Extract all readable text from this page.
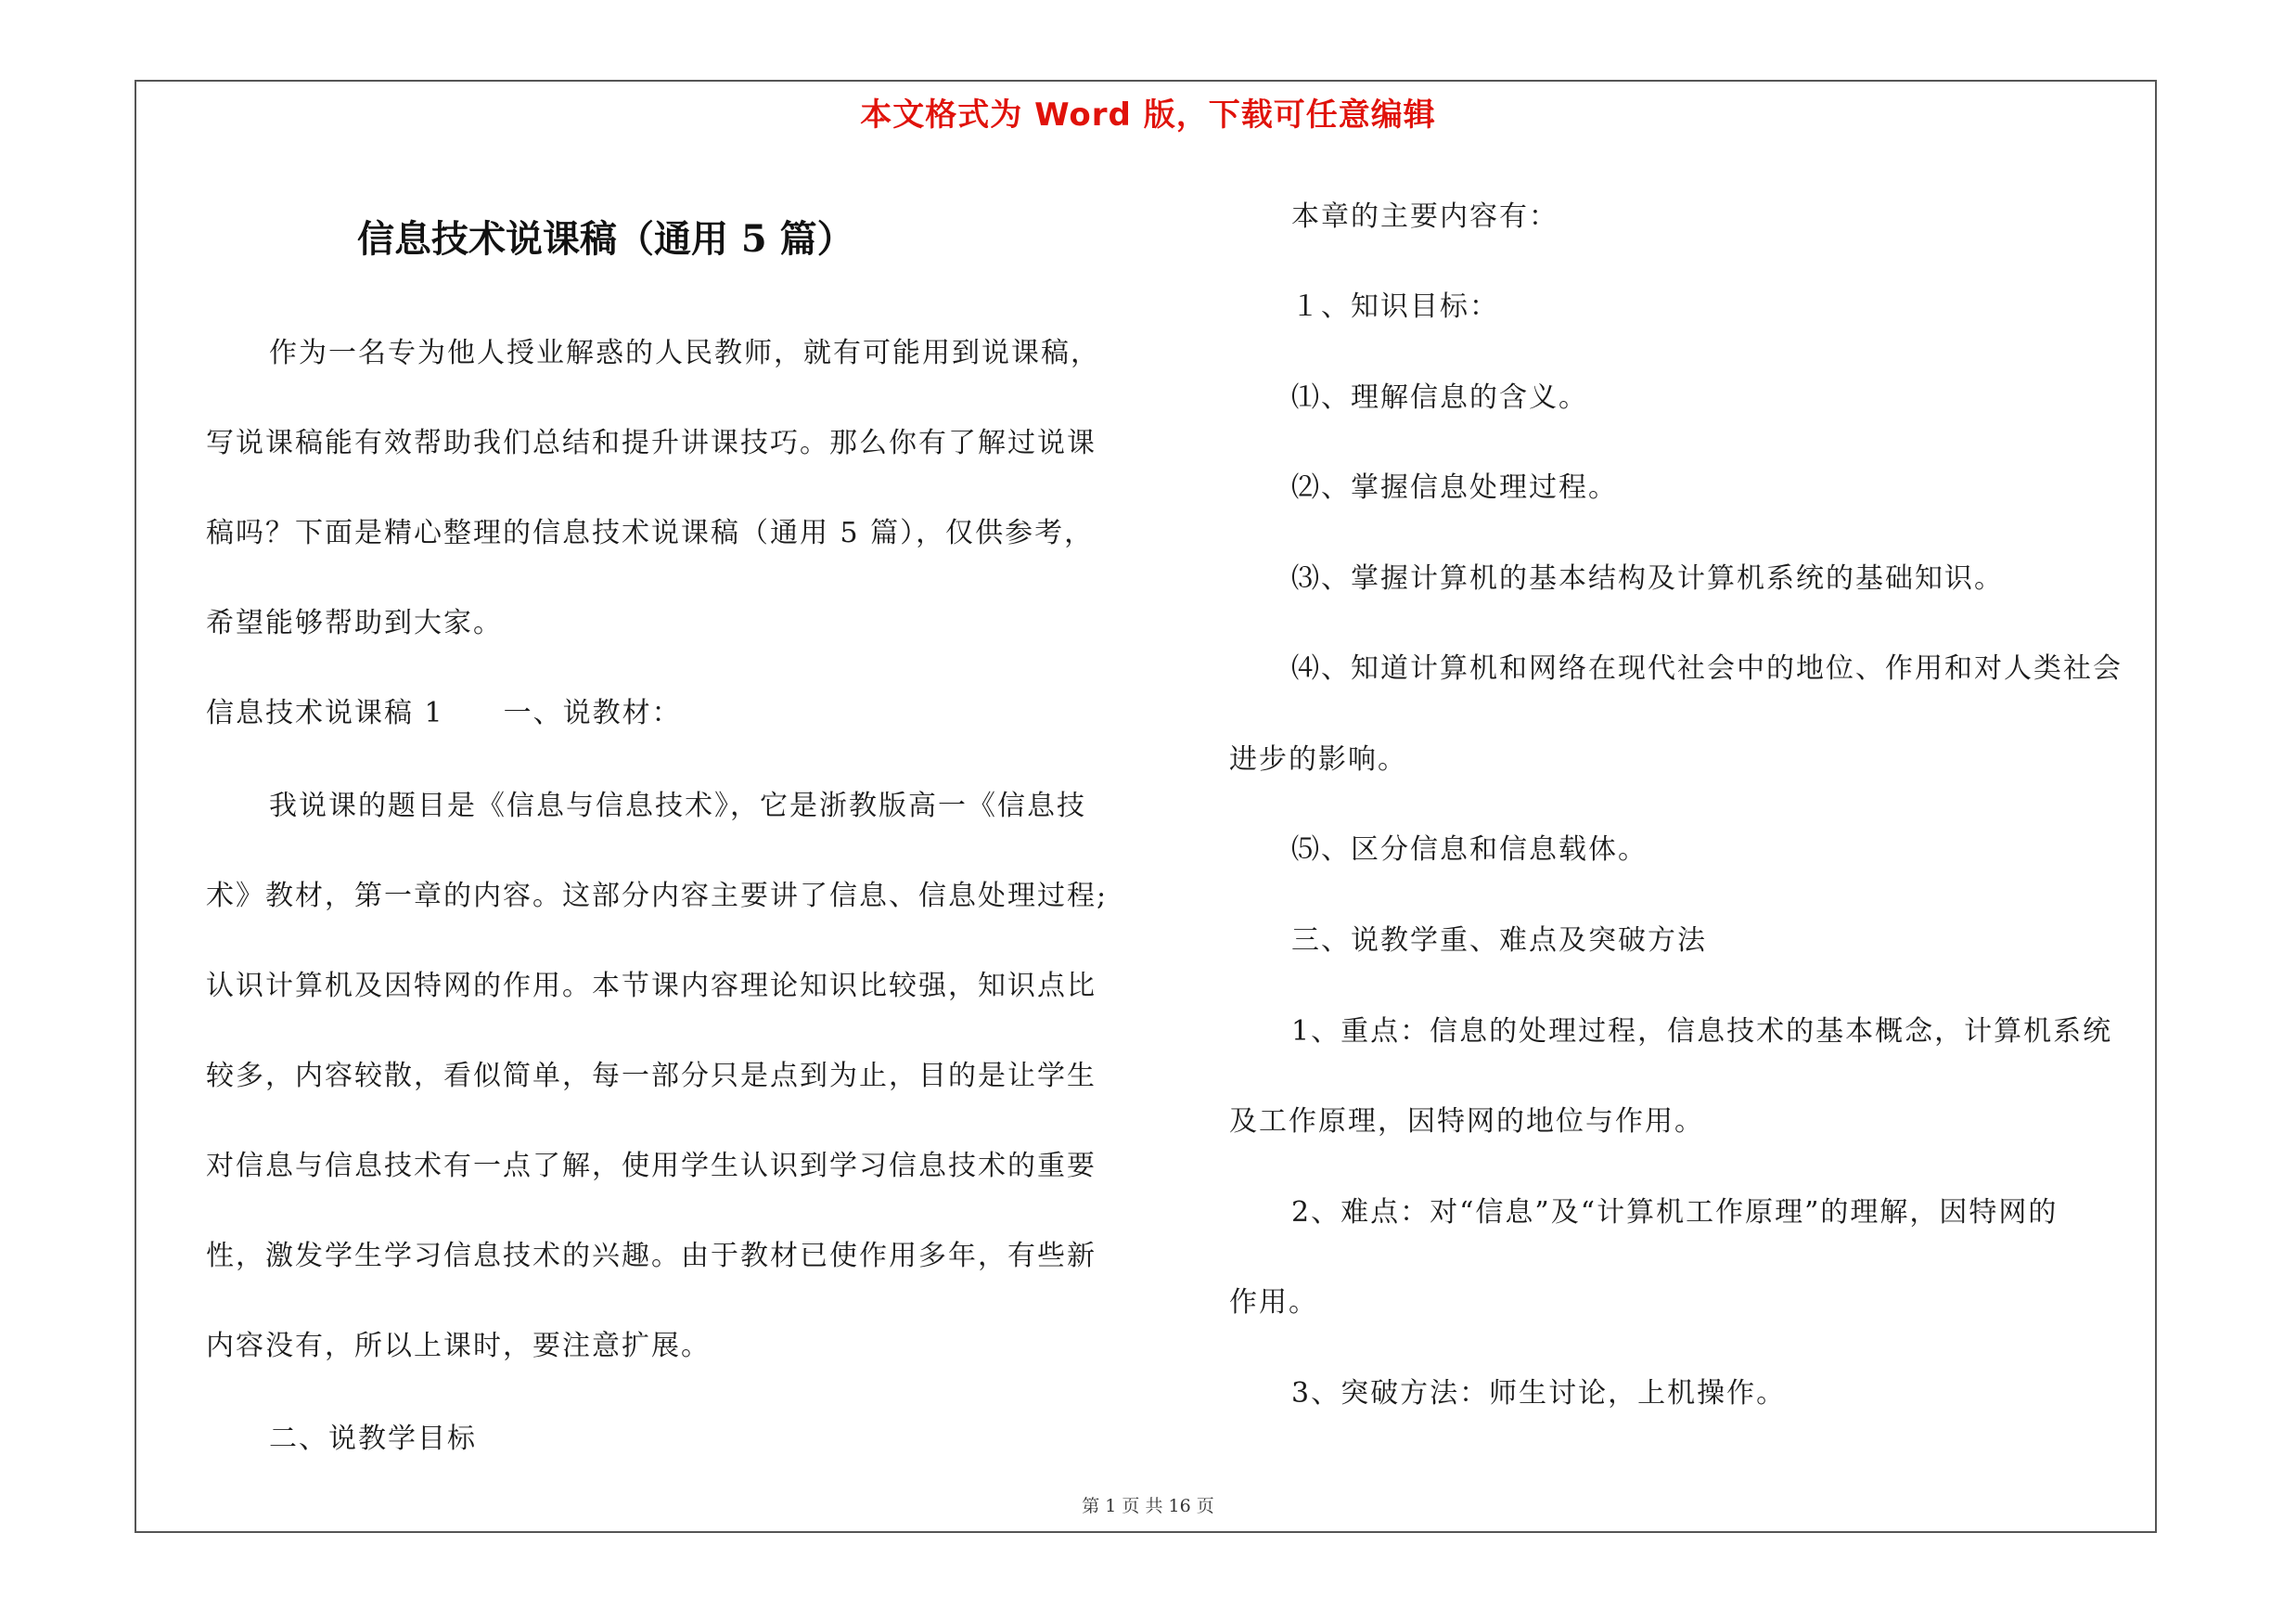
本文格式为 Word 版，下载可任意编辑
信息技术说课稿（通用 5 篇）
作为一名专为他人授业解惑的人民教师，就有可能用到说课稿，
写说课稿能有效帮助我们总结和提升讲课技巧。那么你有了解过说课
稿吗？下面是精心整理的信息技术说课稿（通用 5 篇），仅供参考，
希望能够帮助到大家。
信息技术说课稿 1　　一、说教材：
我说课的题目是《信息与信息技术》，它是浙教版高一《信息技
术》教材，第一章的内容。这部分内容主要讲了信息、信息处理过程;
认识计算机及因特网的作用。本节课内容理论知识比较强，知识点比
较多，内容较散，看似简单，每一部分只是点到为止，目的是让学生
对信息与信息技术有一点了解，使用学生认识到学习信息技术的重要
性，激发学生学习信息技术的兴趣。由于教材已使作用多年，有些新
内容没有，所以上课时，要注意扩展。
二、说教学目标
本章的主要内容有：
１、知识目标：
⑴、理解信息的含义。
⑵、掌握信息处理过程。
⑶、掌握计算机的基本结构及计算机系统的基础知识。
⑷、知道计算机和网络在现代社会中的地位、作用和对人类社会
进步的影响。
⑸、区分信息和信息载体。
三、说教学重、难点及突破方法
1、重点：信息的处理过程，信息技术的基本概念，计算机系统
及工作原理，因特网的地位与作用。
2、难点：对“信息”及“计算机工作原理”的理解，因特网的
作用。
3、突破方法：师生讨论，上机操作。
第 1 页 共 16 页
